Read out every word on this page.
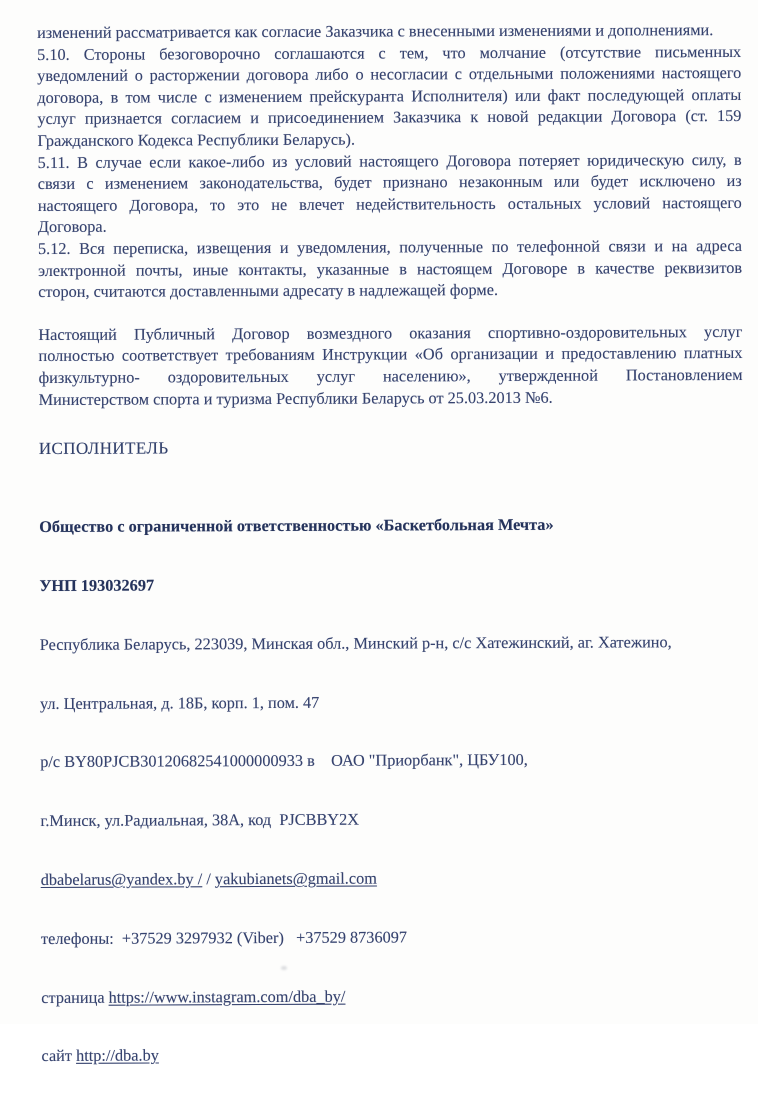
изменений рассматривается как согласие Заказчика с внесенными изменениями и дополнениями.
5.10. Стороны безоговорочно соглашаются с тем, что молчание (отсутствие письменных
уведомлений о расторжении договора либо о несогласии с отдельными положениями настоящего
договора, в том числе с изменением прейскуранта Исполнителя) или факт последующей оплаты
услуг признается согласием и присоединением Заказчика к новой редакции Договора (ст. 159
Гражданского Кодекса Республики Беларусь).
5.11. В случае если какое-либо из условий настоящего Договора потеряет юридическую силу, в
связи с изменением законодательства, будет признано незаконным или будет исключено из
настоящего Договора, то это не влечет недействительность остальных условий настоящего
Договора.
5.12. Вся переписка, извещения и уведомления, полученные по телефонной связи и на адреса
электронной почты, иные контакты, указанные в настоящем Договоре в качестве реквизитов
сторон, считаются доставленными адресату в надлежащей форме.
Настоящий Публичный Договор возмездного оказания спортивно-оздоровительных услуг
полностью соответствует требованиям Инструкции «Об организации и предоставлению платных
физкультурно- оздоровительных услуг населению», утвержденной Постановлением
Министерством спорта и туризма Республики Беларусь от 25.03.2013 №6.
ИСПОЛНИТЕЛЬ

Общество с ограниченной ответственностью «Баскетбольная Мечта»

УНП 193032697

Республика Беларусь, 223039, Минская обл., Минский р-н, с/с Хатежинский, аг. Хатежино,

ул. Центральная, д. 18Б, корп. 1, пом. 47

р/с BY80PJCB30120682541000000933 в    ОАО "Приорбанк", ЦБУ100,

г.Минск, ул.Радиальная, 38А, код  PJCBBY2X

dbabelarus@yandex.by / / yakubianets@gmail.com

телефоны:  +37529 3297932 (Viber)   +37529 8736097

страница https://www.instagram.com/dba_by/

сайт http://dba.by
